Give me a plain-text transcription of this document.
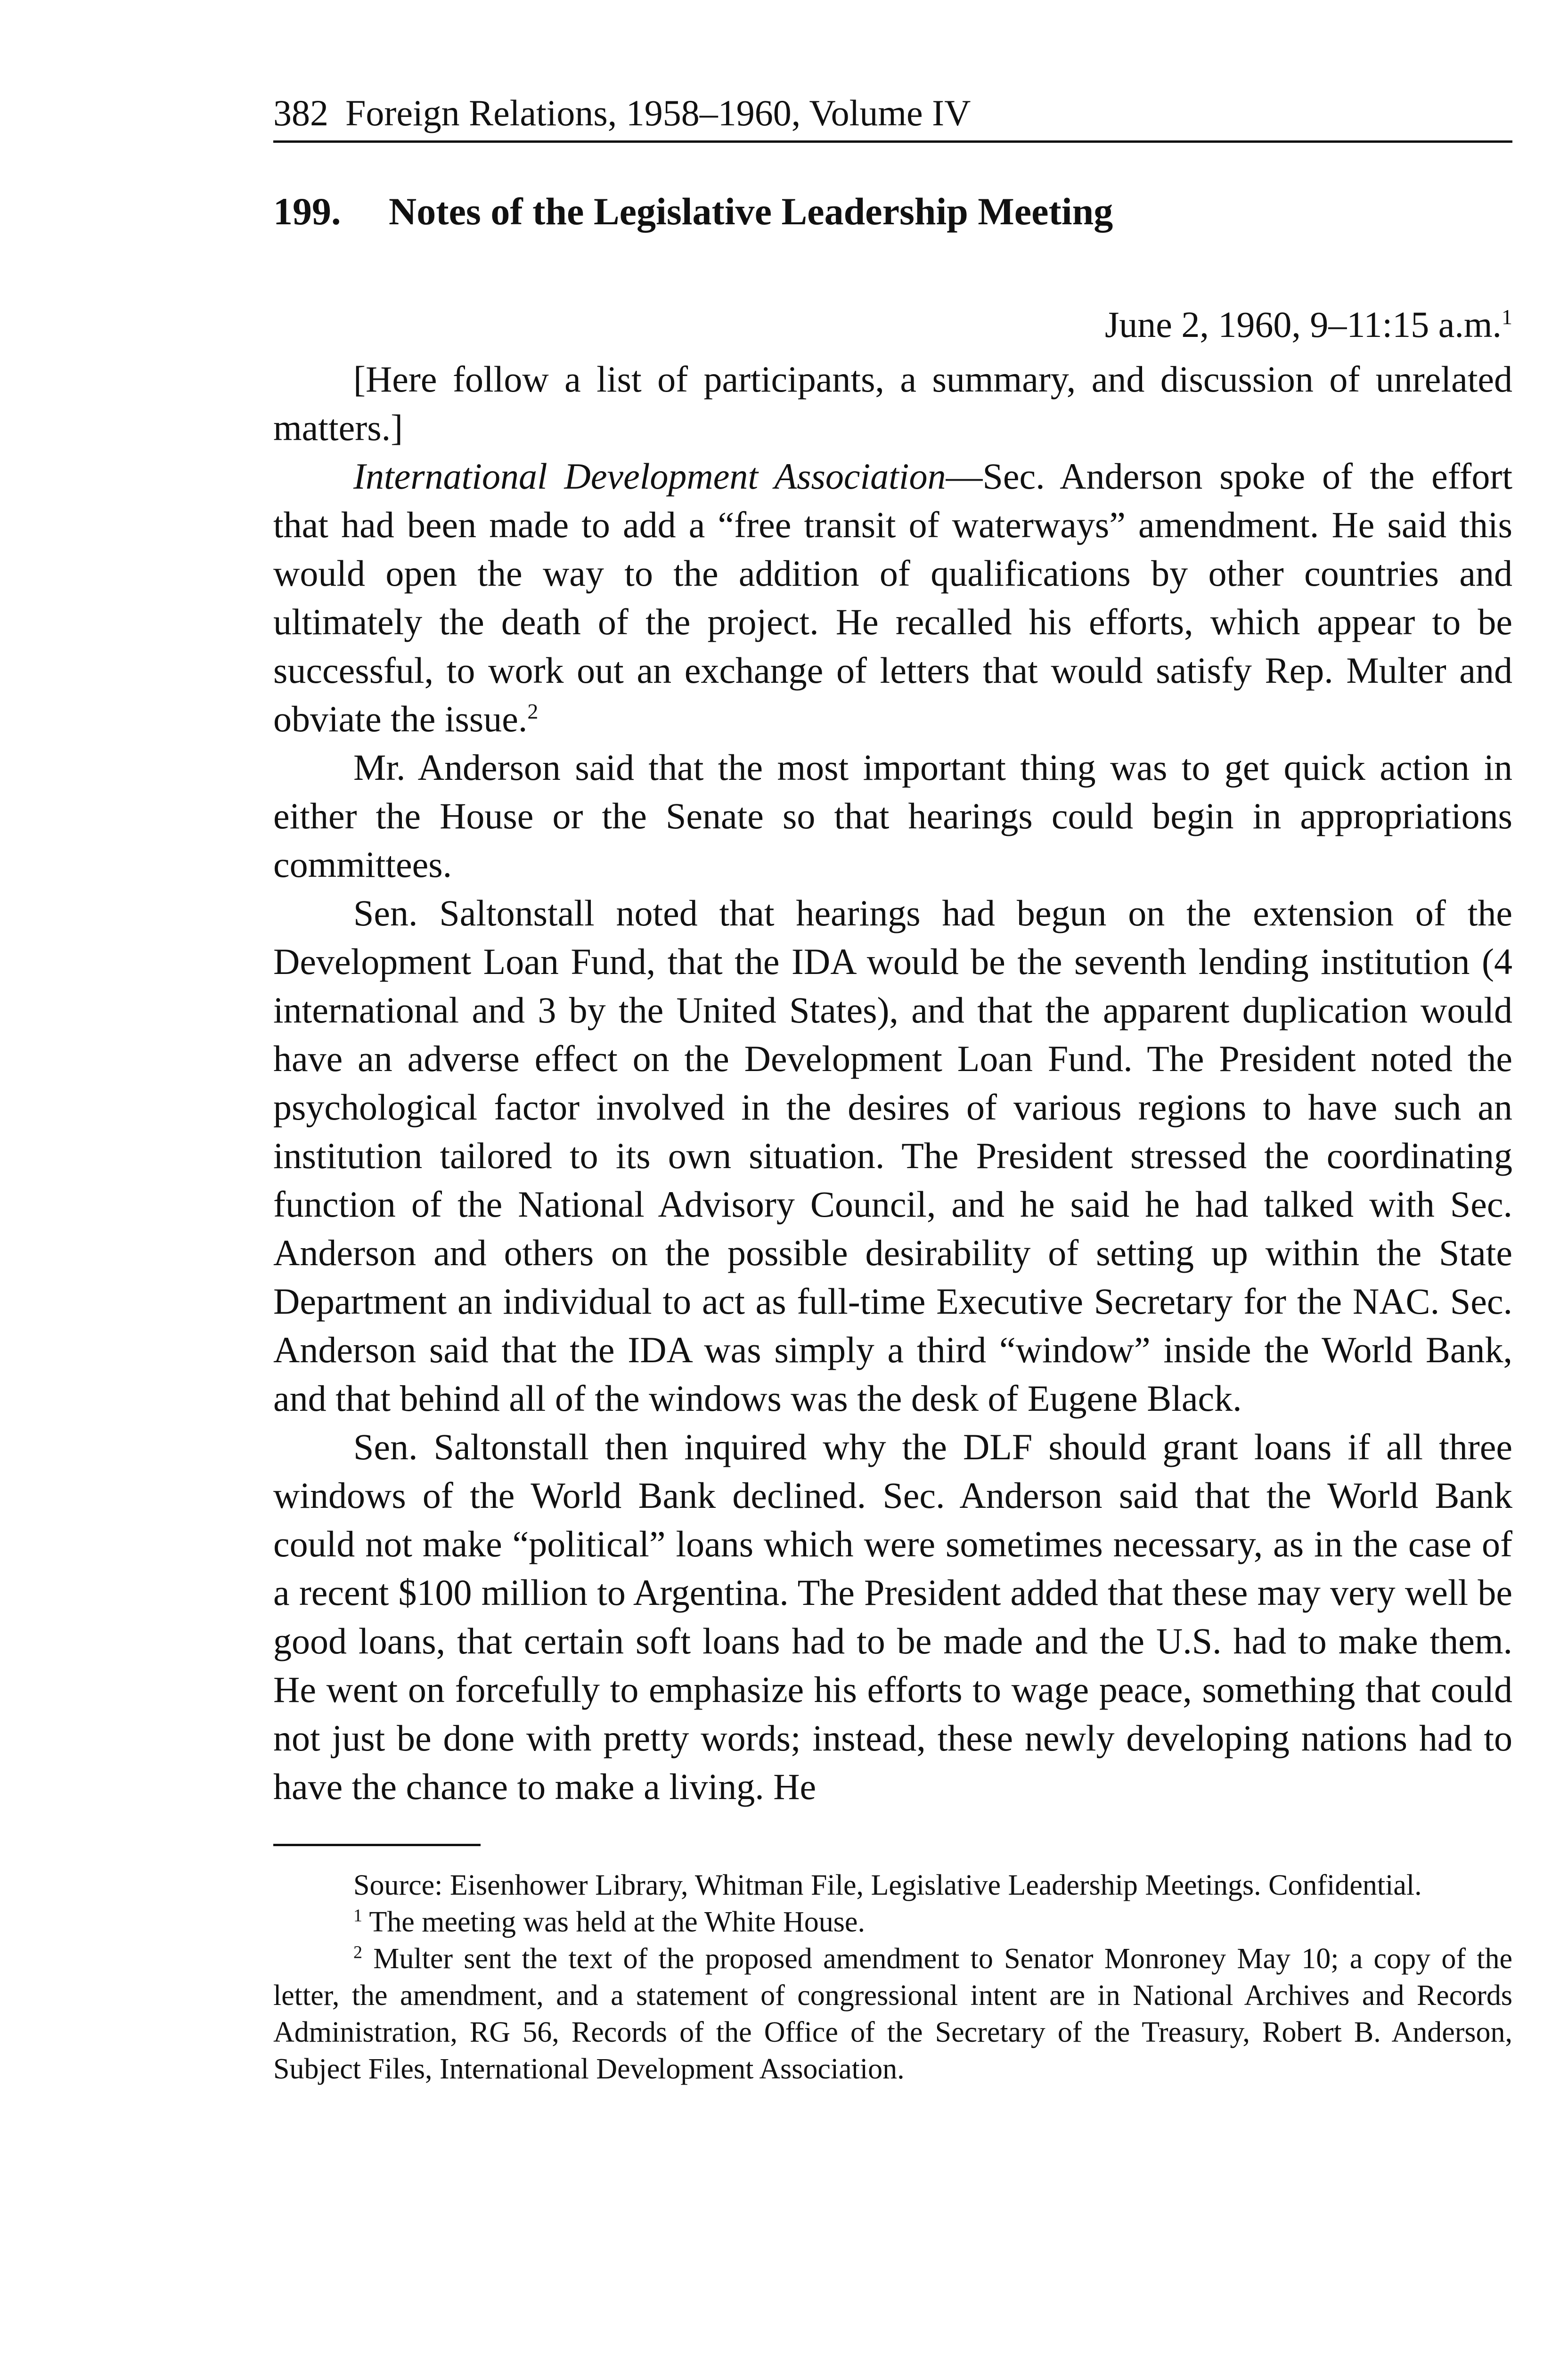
382 Foreign Relations, 1958–1960, Volume IV
199. Notes of the Legislative Leadership Meeting
June 2, 1960, 9–11:15 a.m.$^1$

[Here follow a list of participants, a summary, and discussion of unrelated matters.]

International Development Association—Sec. Anderson spoke of the effort that had been made to add a “free transit of waterways” amendment. He said this would open the way to the addition of qualifications by other countries and ultimately the death of the project. He recalled his efforts, which appear to be successful, to work out an exchange of letters that would satisfy Rep. Multer and obviate the issue.$^2$

Mr. Anderson said that the most important thing was to get quick action in either the House or the Senate so that hearings could begin in appropriations committees.

Sen. Saltonstall noted that hearings had begun on the extension of the Development Loan Fund, that the IDA would be the seventh lending institution (4 international and 3 by the United States), and that the apparent duplication would have an adverse effect on the Development Loan Fund. The President noted the psychological factor involved in the desires of various regions to have such an institution tailored to its own situation. The President stressed the coordinating function of the National Advisory Council, and he said he had talked with Sec. Anderson and others on the possible desirability of setting up within the State Department an individual to act as full-time Executive Secretary for the NAC. Sec. Anderson said that the IDA was simply a third “window” inside the World Bank, and that behind all of the windows was the desk of Eugene Black.

Sen. Saltonstall then inquired why the DLF should grant loans if all three windows of the World Bank declined. Sec. Anderson said that the World Bank could not make “political” loans which were sometimes necessary, as in the case of a recent $100 million to Argentina. The President added that these may very well be good loans, that certain soft loans had to be made and the U.S. had to make them. He went on forcefully to emphasize his efforts to wage peace, something that could not just be done with pretty words; instead, these newly developing nations had to have the chance to make a living. He

Source: Eisenhower Library, Whitman File, Legislative Leadership Meetings. Confidential.

$^1$ The meeting was held at the White House.

$^2$ Multer sent the text of the proposed amendment to Senator Monroney May 10; a copy of the letter, the amendment, and a statement of congressional intent are in National Archives and Records Administration, RG 56, Records of the Office of the Secretary of the Treasury, Robert B. Anderson, Subject Files, International Development Association.
